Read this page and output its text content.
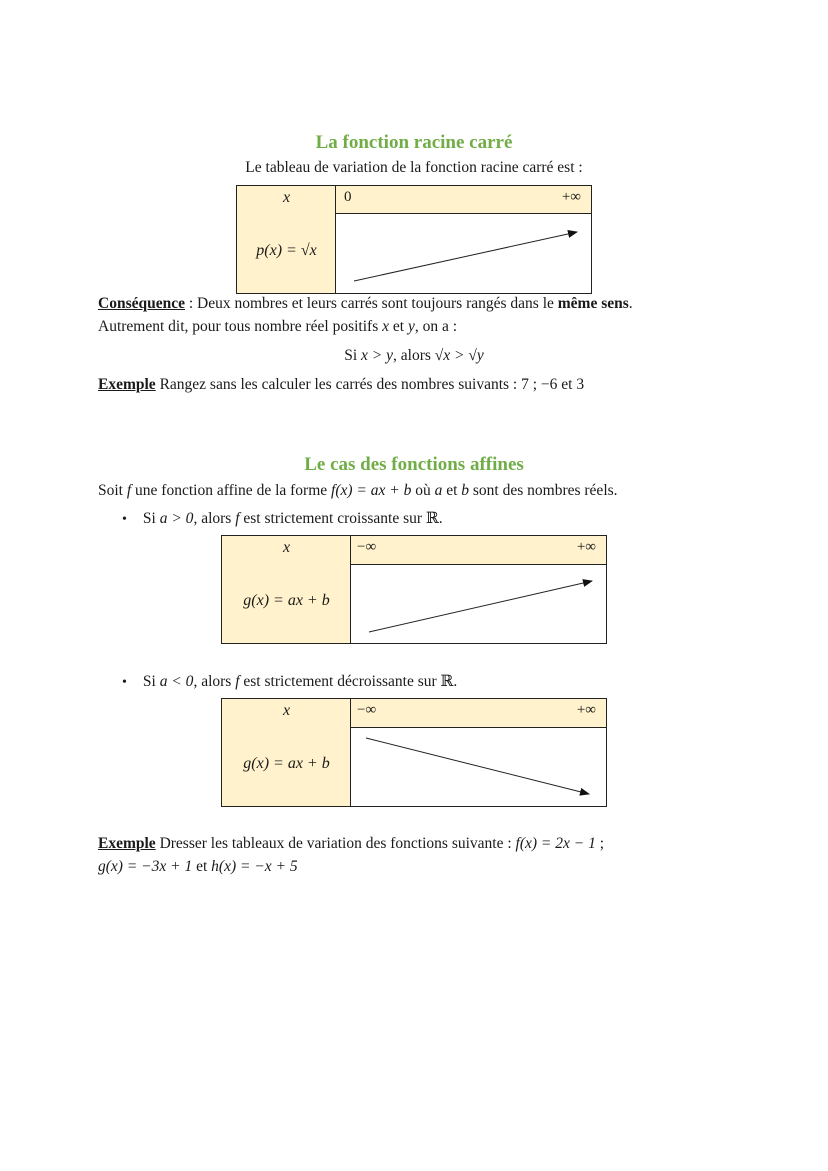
La fonction racine carré
Le tableau de variation de la fonction racine carré est :
x	0	+∞
p(x) = √x
Conséquence : Deux nombres et leurs carrés sont toujours rangés dans le même sens.
Autrement dit, pour tous nombre réel positifs x et y, on a :
Si x > y, alors √x > √y
Exemple Rangez sans les calculer les carrés des nombres suivants : 7 ; −6 et 3
Le cas des fonctions affines
Soit f une fonction affine de la forme f(x) = ax + b où a et b sont des nombres réels.
• Si a > 0, alors f est strictement croissante sur ℝ.
x	−∞	+∞
g(x) = ax + b
• Si a < 0, alors f est strictement décroissante sur ℝ.
x	−∞	+∞
g(x) = ax + b
Exemple Dresser les tableaux de variation des fonctions suivante : f(x) = 2x − 1 ;
g(x) = −3x + 1 et h(x) = −x + 5
